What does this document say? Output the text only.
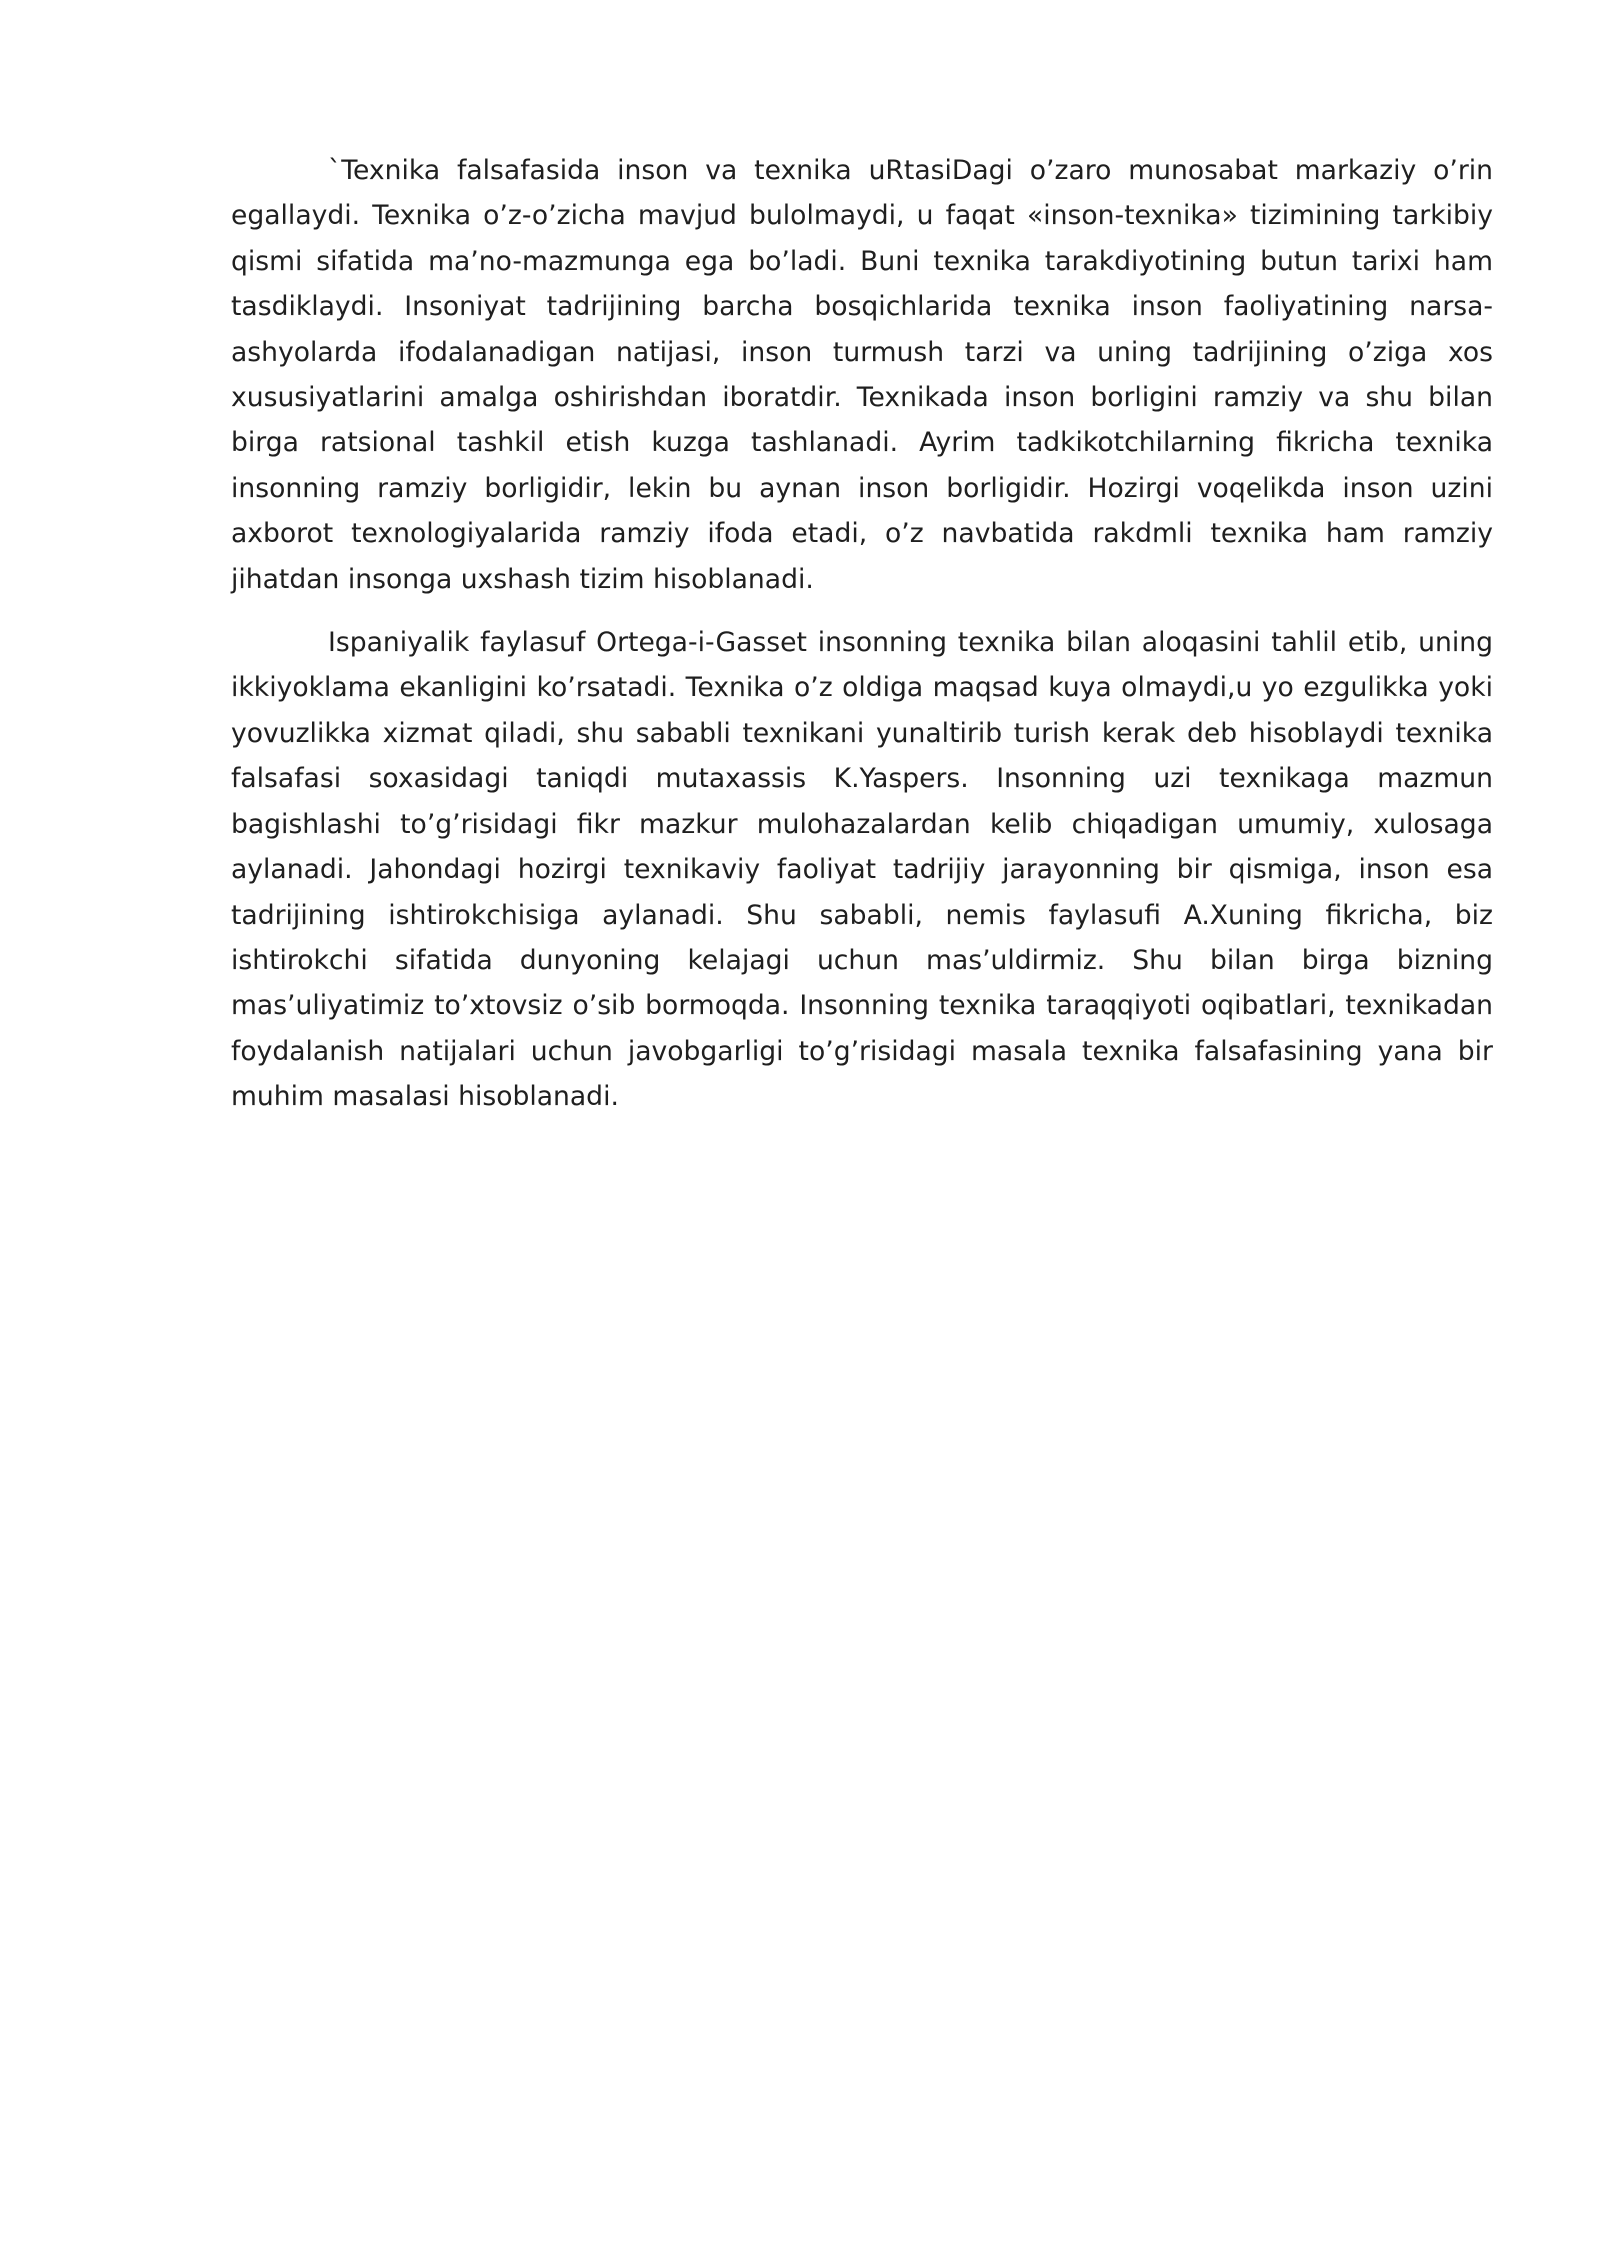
`Texnika falsafasida inson va texnika uRtasiDagi o’zaro munosabat markaziy o’rin egallaydi. Texnika o’z-o’zicha mavjud bulolmaydi, u faqat «inson-texnika» tizimining tarkibiy qismi sifatida ma’no-mazmunga ega bo’ladi. Buni texnika tarakdiyotining butun tarixi ham tasdiklaydi. Insoniyat tadrijining barcha bosqichlarida texnika inson faoliyatining narsa-ashyolarda ifodalanadigan natijasi, inson turmush tarzi va uning tadrijining o’ziga xos xususiyatlarini amalga oshirishdan iboratdir. Texnikada inson borligini ramziy va shu bilan birga ratsional tashkil etish kuzga tashlanadi. Ayrim tadkikotchilarning fikricha texnika insonning ramziy borligidir, lekin bu aynan inson borligidir. Hozirgi voqelikda inson uzini axborot texnologiyalarida ramziy ifoda etadi, o’z navbatida rakdmli texnika ham ramziy jihatdan insonga uxshash tizim hisoblanadi.

Ispaniyalik faylasuf Ortega-i-Gasset insonning texnika bilan aloqasini tahlil etib, uning ikkiyoklama ekanligini ko’rsatadi. Texnika o’z oldiga maqsad kuya olmaydi,u yo ezgulikka yoki yovuzlikka xizmat qiladi, shu sababli texnikani yunaltirib turish kerak deb hisoblaydi texnika falsafasi soxasidagi taniqdi mutaxassis K.Yaspers. Insonning uzi texnikaga mazmun bagishlashi to’g’risidagi fikr mazkur mulohazalardan kelib chiqadigan umumiy, xulosaga aylanadi. Jahondagi hozirgi texnikaviy faoliyat tadrijiy jarayonning bir qismiga, inson esa tadrijining ishtirokchisiga aylanadi. Shu sababli, nemis faylasufi A.Xuning fikricha, biz ishtirokchi sifatida dunyoning kelajagi uchun mas’uldirmiz. Shu bilan birga bizning mas’uliyatimiz to’xtovsiz o’sib bormoqda. Insonning texnika taraqqiyoti oqibatlari, texnikadan foydalanish natijalari uchun javobgarligi to’g’risidagi masala texnika falsafasining yana bir muhim masalasi hisoblanadi.
